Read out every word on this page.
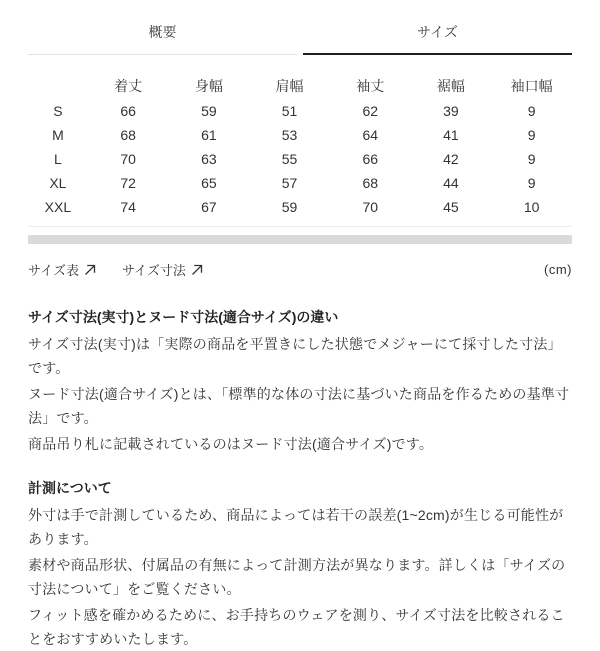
概要	サイズ
	着丈	身幅	肩幅	袖丈	裾幅	袖口幅
S	66	59	51	62	39	9
M	68	61	53	64	41	9
L	70	63	55	66	42	9
XL	72	65	57	68	44	9
XXL	74	67	59	70	45	10
サイズ表	サイズ寸法	(cm)
サイズ寸法(実寸)とヌード寸法(適合サイズ)の違い

サイズ寸法(実寸)は「実際の商品を平置きにした状態でメジャーにて採寸した寸法」です。

ヌード寸法(適合サイズ)とは、「標準的な体の寸法に基づいた商品を作るための基準寸法」です。

商品吊り札に記載されているのはヌード寸法(適合サイズ)です。

計測について

外寸は手で計測しているため、商品によっては若干の誤差(1~2cm)が生じる可能性があります。

素材や商品形状、付属品の有無によって計測方法が異なります。詳しくは「サイズの寸法について」をご覧ください。

フィット感を確かめるために、お手持ちのウェアを測り、サイズ寸法を比較されることをおすすめいたします。
